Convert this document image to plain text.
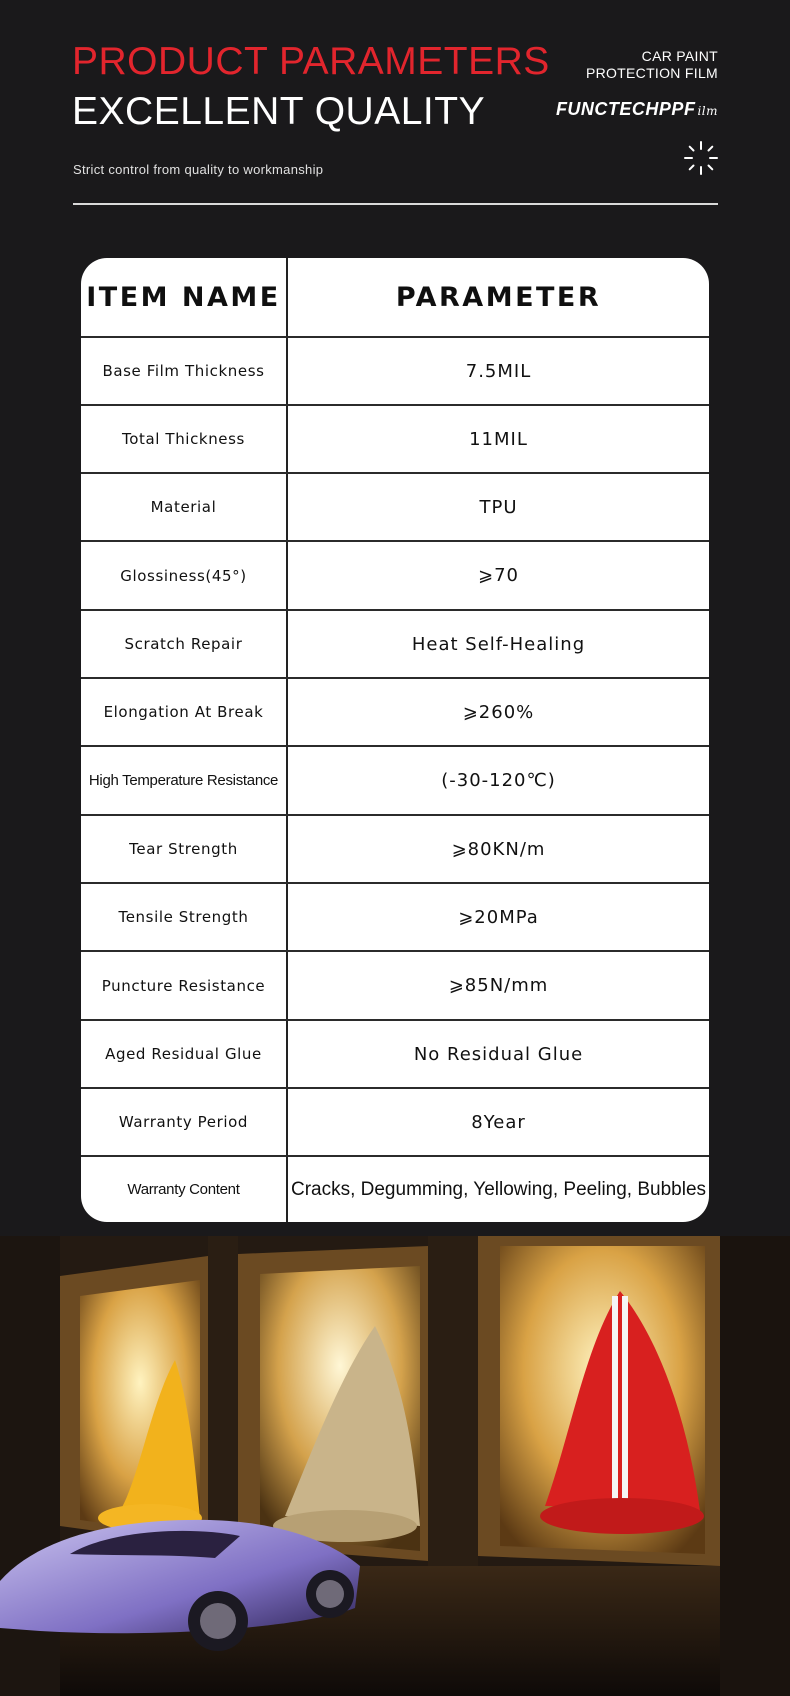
PRODUCT PARAMETERS
EXCELLENT QUALITY
Strict control from quality to workmanship
CAR PAINT
PROTECTION FILM
FUNCTECHPPF ilm
ITEM NAME	PARAMETER
Base Film Thickness	7.5MIL
Total Thickness	11MIL
Material	TPU
Glossiness(45°)	⩾70
Scratch Repair	Heat Self-Healing
Elongation At Break	⩾260%
High Temperature Resistance	(-30-120℃)
Tear Strength	⩾80KN/m
Tensile Strength	⩾20MPa
Puncture Resistance	⩾85N/mm
Aged Residual Glue	No Residual Glue
Warranty Period	8Year
Warranty Content	Cracks, Degumming, Yellowing, Peeling, Bubbles
